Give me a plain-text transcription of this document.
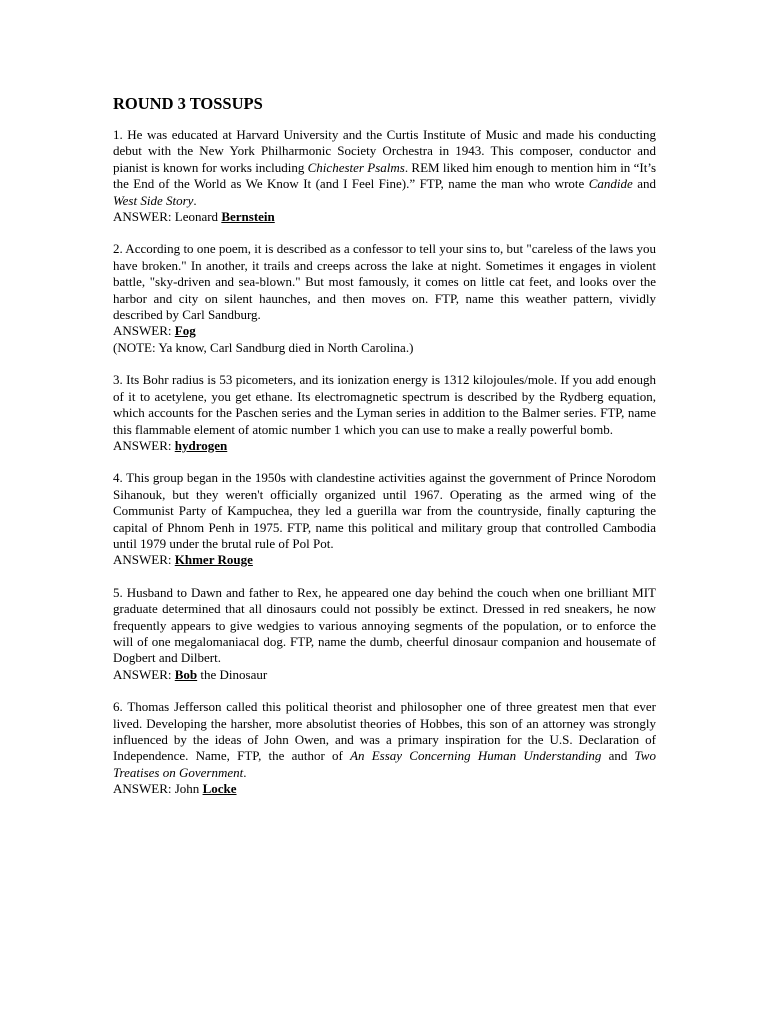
ROUND 3 TOSSUPS

1. He was educated at Harvard University and the Curtis Institute of Music and made his conducting debut with the New York Philharmonic Society Orchestra in 1943. This composer, conductor and pianist is known for works including Chichester Psalms. REM liked him enough to mention him in “It’s the End of the World as We Know It (and I Feel Fine).” FTP, name the man who wrote Candide and West Side Story.

ANSWER: Leonard Bernstein

2. According to one poem, it is described as a confessor to tell your sins to, but "careless of the laws you have broken." In another, it trails and creeps across the lake at night. Sometimes it engages in violent battle, "sky-driven and sea-blown." But most famously, it comes on little cat feet, and looks over the harbor and city on silent haunches, and then moves on. FTP, name this weather pattern, vividly described by Carl Sandburg.

ANSWER: Fog
(NOTE: Ya know, Carl Sandburg died in North Carolina.)

3. Its Bohr radius is 53 picometers, and its ionization energy is 1312 kilojoules/mole. If you add enough of it to acetylene, you get ethane. Its electromagnetic spectrum is described by the Rydberg equation, which accounts for the Paschen series and the Lyman series in addition to the Balmer series. FTP, name this flammable element of atomic number 1 which you can use to make a really powerful bomb.

ANSWER: hydrogen

4. This group began in the 1950s with clandestine activities against the government of Prince Norodom Sihanouk, but they weren't officially organized until 1967. Operating as the armed wing of the Communist Party of Kampuchea, they led a guerilla war from the countryside, finally capturing the capital of Phnom Penh in 1975. FTP, name this political and military group that controlled Cambodia until 1979 under the brutal rule of Pol Pot.

ANSWER: Khmer Rouge

5. Husband to Dawn and father to Rex, he appeared one day behind the couch when one brilliant MIT graduate determined that all dinosaurs could not possibly be extinct. Dressed in red sneakers, he now frequently appears to give wedgies to various annoying segments of the population, or to enforce the will of one megalomaniacal dog. FTP, name the dumb, cheerful dinosaur companion and housemate of Dogbert and Dilbert.

ANSWER: Bob the Dinosaur

6. Thomas Jefferson called this political theorist and philosopher one of three greatest men that ever lived. Developing the harsher, more absolutist theories of Hobbes, this son of an attorney was strongly influenced by the ideas of John Owen, and was a primary inspiration for the U.S. Declaration of Independence. Name, FTP, the author of An Essay Concerning Human Understanding and Two Treatises on Government.

ANSWER: John Locke
